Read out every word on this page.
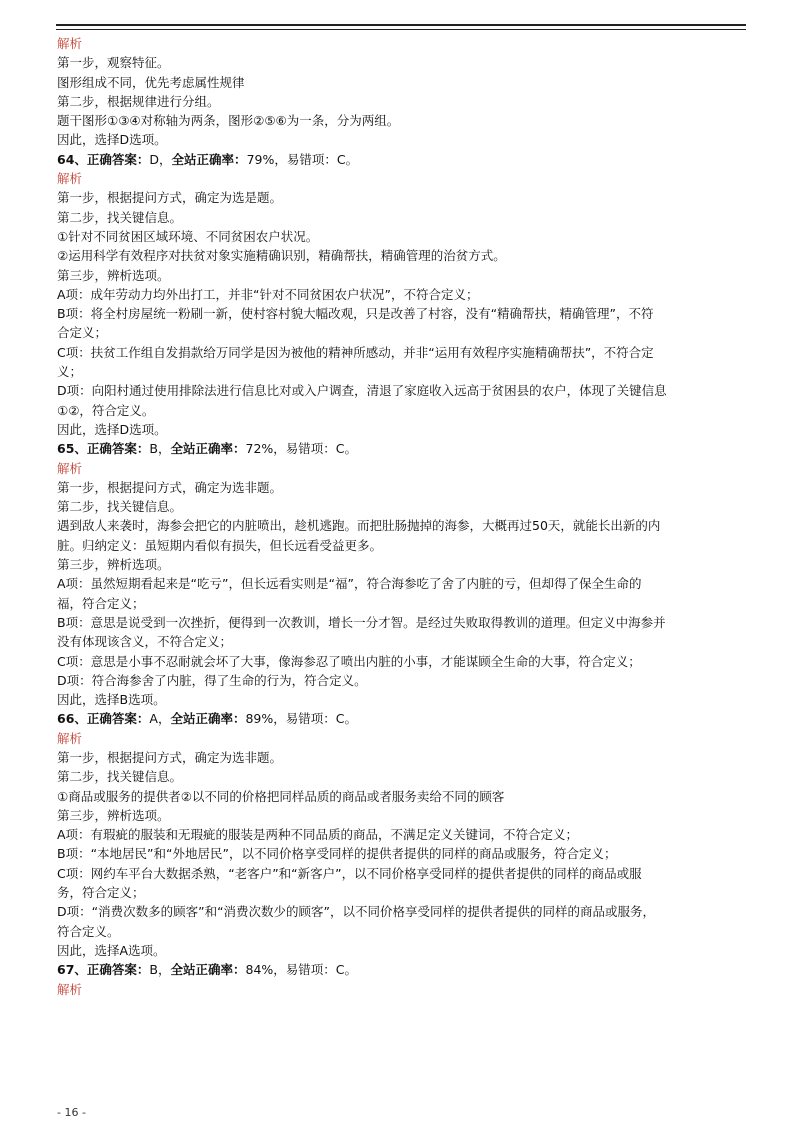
解析
第一步，观察特征。
图形组成不同，优先考虑属性规律
第二步，根据规律进行分组。
题干图形①③④对称轴为两条，图形②⑤⑥为一条，分为两组。
因此，选择D选项。
64、正确答案：D，全站正确率：79%，易错项：C。
解析
第一步，根据提问方式，确定为选是题。
第二步，找关键信息。
①针对不同贫困区域环境、不同贫困农户状况。
②运用科学有效程序对扶贫对象实施精确识别，精确帮扶，精确管理的治贫方式。
第三步，辨析选项。
A项：成年劳动力均外出打工，并非“针对不同贫困农户状况”，不符合定义；
B项：将全村房屋统一粉刷一新，使村容村貌大幅改观，只是改善了村容，没有“精确帮扶，精确管理”，不符
合定义；
C项：扶贫工作组自发捐款给万同学是因为被他的精神所感动，并非“运用有效程序实施精确帮扶”，不符合定
义；
D项：向阳村通过使用排除法进行信息比对或入户调查，清退了家庭收入远高于贫困县的农户，体现了关键信息
①②，符合定义。
因此，选择D选项。
65、正确答案：B，全站正确率：72%，易错项：C。
解析
第一步，根据提问方式，确定为选非题。
第二步，找关键信息。
遇到敌人来袭时，海参会把它的内脏喷出，趁机逃跑。而把肚肠抛掉的海参，大概再过50天，就能长出新的内
脏。归纳定义：虽短期内看似有损失，但长远看受益更多。
第三步，辨析选项。
A项：虽然短期看起来是“吃亏”，但长远看实则是“福”，符合海参吃了舍了内脏的亏，但却得了保全生命的
福，符合定义；
B项：意思是说受到一次挫折，便得到一次教训，增长一分才智。是经过失败取得教训的道理。但定义中海参并
没有体现该含义，不符合定义；
C项：意思是小事不忍耐就会坏了大事，像海参忍了喷出内脏的小事，才能谋顾全生命的大事，符合定义；
D项：符合海参舍了内脏，得了生命的行为，符合定义。
因此，选择B选项。
66、正确答案：A，全站正确率：89%，易错项：C。
解析
第一步，根据提问方式，确定为选非题。
第二步，找关键信息。
①商品或服务的提供者②以不同的价格把同样品质的商品或者服务卖给不同的顾客
第三步，辨析选项。
A项：有瑕疵的服装和无瑕疵的服装是两种不同品质的商品，不满足定义关键词，不符合定义；
B项：“本地居民”和“外地居民”，以不同价格享受同样的提供者提供的同样的商品或服务，符合定义；
C项：网约车平台大数据杀熟，“老客户”和“新客户”，以不同价格享受同样的提供者提供的同样的商品或服
务，符合定义；
D项：“消费次数多的顾客”和“消费次数少的顾客”，以不同价格享受同样的提供者提供的同样的商品或服务，
符合定义。
因此，选择A选项。
67、正确答案：B，全站正确率：84%，易错项：C。
解析
- 16 -
